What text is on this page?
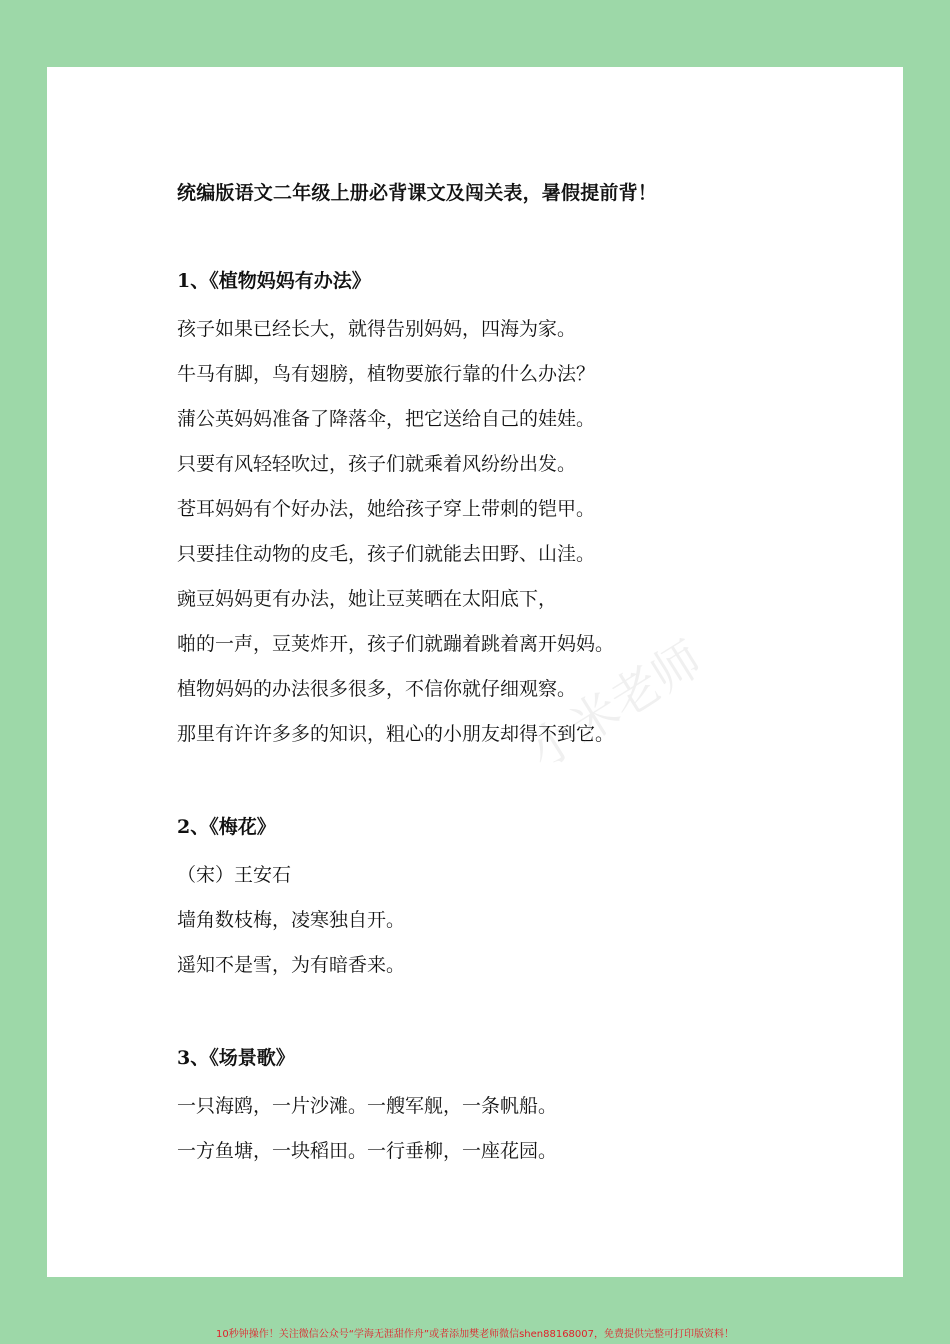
统编版语文二年级上册必背课文及闯关表，暑假提前背！

1、《植物妈妈有办法》

孩子如果已经长大，就得告别妈妈，四海为家。

牛马有脚，鸟有翅膀，植物要旅行靠的什么办法？

蒲公英妈妈准备了降落伞，把它送给自己的娃娃。

只要有风轻轻吹过，孩子们就乘着风纷纷出发。

苍耳妈妈有个好办法，她给孩子穿上带刺的铠甲。

只要挂住动物的皮毛，孩子们就能去田野、山洼。

豌豆妈妈更有办法，她让豆荚晒在太阳底下，

啪的一声，豆荚炸开，孩子们就蹦着跳着离开妈妈。

植物妈妈的办法很多很多，不信你就仔细观察。

那里有许许多多的知识，粗心的小朋友却得不到它。

2、《梅花》

（宋）王安石

墙角数枝梅，凌寒独自开。

遥知不是雪，为有暗香来。

3、《场景歌》

一只海鸥，一片沙滩。一艘军舰，一条帆船。

一方鱼塘，一块稻田。一行垂柳，一座花园。

小米老师
10秒钟操作！关注微信公众号“学海无涯甜作舟”或者添加樊老师微信shen88168007，免费提供完整可打印版资料！
